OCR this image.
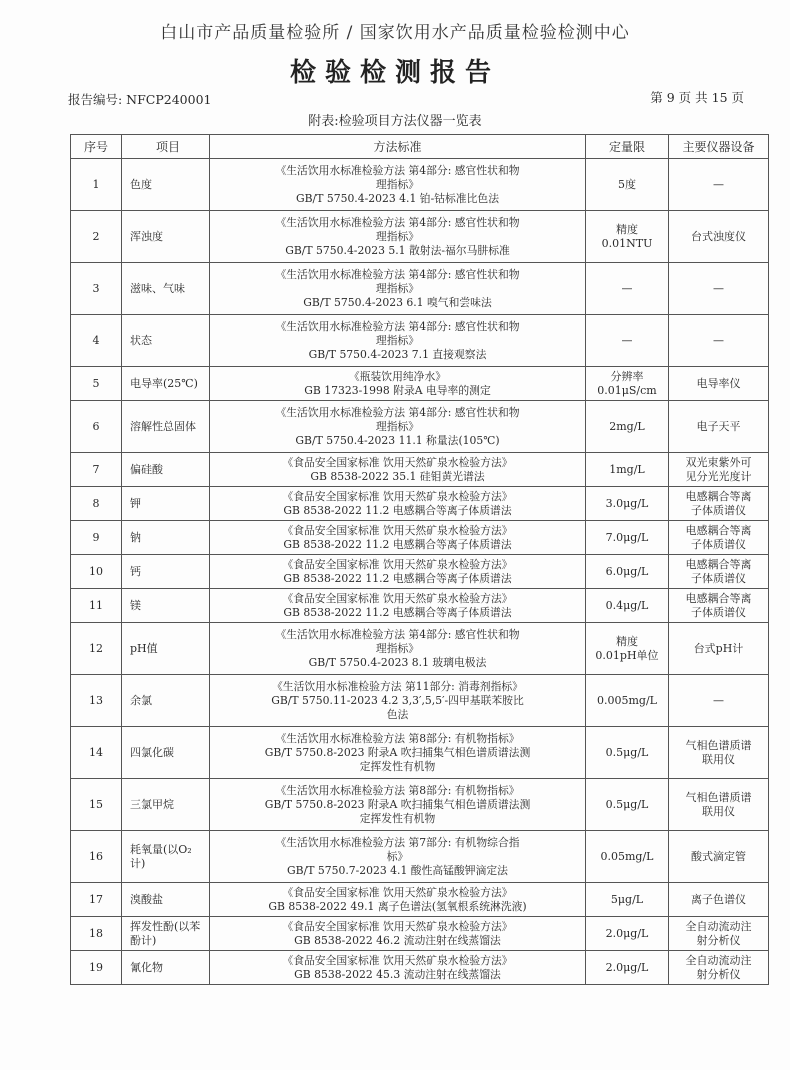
白山市产品质量检验所 / 国家饮用水产品质量检验检测中心
检验检测报告
报告编号: NFCP240001	第 9 页 共 15 页
附表:检验项目方法仪器一览表
序号	项目	方法标准	定量限	主要仪器设备

1	色度	《生活饮用水标准检验方法 第4部分: 感官性状和物
理指标》
GB/T 5750.4-2023 4.1 铂-钴标准比色法	5度	—

2	浑浊度	《生活饮用水标准检验方法 第4部分: 感官性状和物
理指标》
GB/T 5750.4-2023 5.1 散射法-福尔马肼标准	精度
0.01NTU	台式浊度仪

3	滋味、气味	《生活饮用水标准检验方法 第4部分: 感官性状和物
理指标》
GB/T 5750.4-2023 6.1 嗅气和尝味法	—	—

4	状态	《生活饮用水标准检验方法 第4部分: 感官性状和物
理指标》
GB/T 5750.4-2023 7.1 直接观察法	—	—

5	电导率(25℃)	《瓶装饮用纯净水》
GB 17323-1998 附录A 电导率的测定	分辨率
0.01μS/cm	电导率仪

6	溶解性总固体	《生活饮用水标准检验方法 第4部分: 感官性状和物
理指标》
GB/T 5750.4-2023 11.1 称量法(105℃)	2mg/L	电子天平

7	偏硅酸	《食品安全国家标准 饮用天然矿泉水检验方法》
GB 8538-2022 35.1 硅钼黄光谱法	1mg/L	双光束紫外可
见分光光度计

8	钾	《食品安全国家标准 饮用天然矿泉水检验方法》
GB 8538-2022 11.2 电感耦合等离子体质谱法	3.0μg/L	电感耦合等离
子体质谱仪

9	钠	《食品安全国家标准 饮用天然矿泉水检验方法》
GB 8538-2022 11.2 电感耦合等离子体质谱法	7.0μg/L	电感耦合等离
子体质谱仪

10	钙	《食品安全国家标准 饮用天然矿泉水检验方法》
GB 8538-2022 11.2 电感耦合等离子体质谱法	6.0μg/L	电感耦合等离
子体质谱仪

11	镁	《食品安全国家标准 饮用天然矿泉水检验方法》
GB 8538-2022 11.2 电感耦合等离子体质谱法	0.4μg/L	电感耦合等离
子体质谱仪

12	pH值	《生活饮用水标准检验方法 第4部分: 感官性状和物
理指标》
GB/T 5750.4-2023 8.1 玻璃电极法	精度
0.01pH单位	台式pH计

13	余氯	《生活饮用水标准检验方法 第11部分: 消毒剂指标》
GB/T 5750.11-2023 4.2 3,3′,5,5′-四甲基联苯胺比
色法	0.005mg/L	—

14	四氯化碳	《生活饮用水标准检验方法 第8部分: 有机物指标》
GB/T 5750.8-2023 附录A 吹扫捕集气相色谱质谱法测
定挥发性有机物	0.5μg/L	气相色谱质谱
联用仪

15	三氯甲烷	《生活饮用水标准检验方法 第8部分: 有机物指标》
GB/T 5750.8-2023 附录A 吹扫捕集气相色谱质谱法测
定挥发性有机物	0.5μg/L	气相色谱质谱
联用仪

16	耗氧量(以O₂计)	《生活饮用水标准检验方法 第7部分: 有机物综合指
标》
GB/T 5750.7-2023 4.1 酸性高锰酸钾滴定法	0.05mg/L	酸式滴定管

17	溴酸盐	《食品安全国家标准 饮用天然矿泉水检验方法》
GB 8538-2022 49.1 离子色谱法(氢氧根系统淋洗液)	5μg/L	离子色谱仪

18	挥发性酚(以苯酚计)	《食品安全国家标准 饮用天然矿泉水检验方法》
GB 8538-2022 46.2 流动注射在线蒸馏法	2.0μg/L	全自动流动注
射分析仪

19	氰化物	《食品安全国家标准 饮用天然矿泉水检验方法》
GB 8538-2022 45.3 流动注射在线蒸馏法	2.0μg/L	全自动流动注
射分析仪
